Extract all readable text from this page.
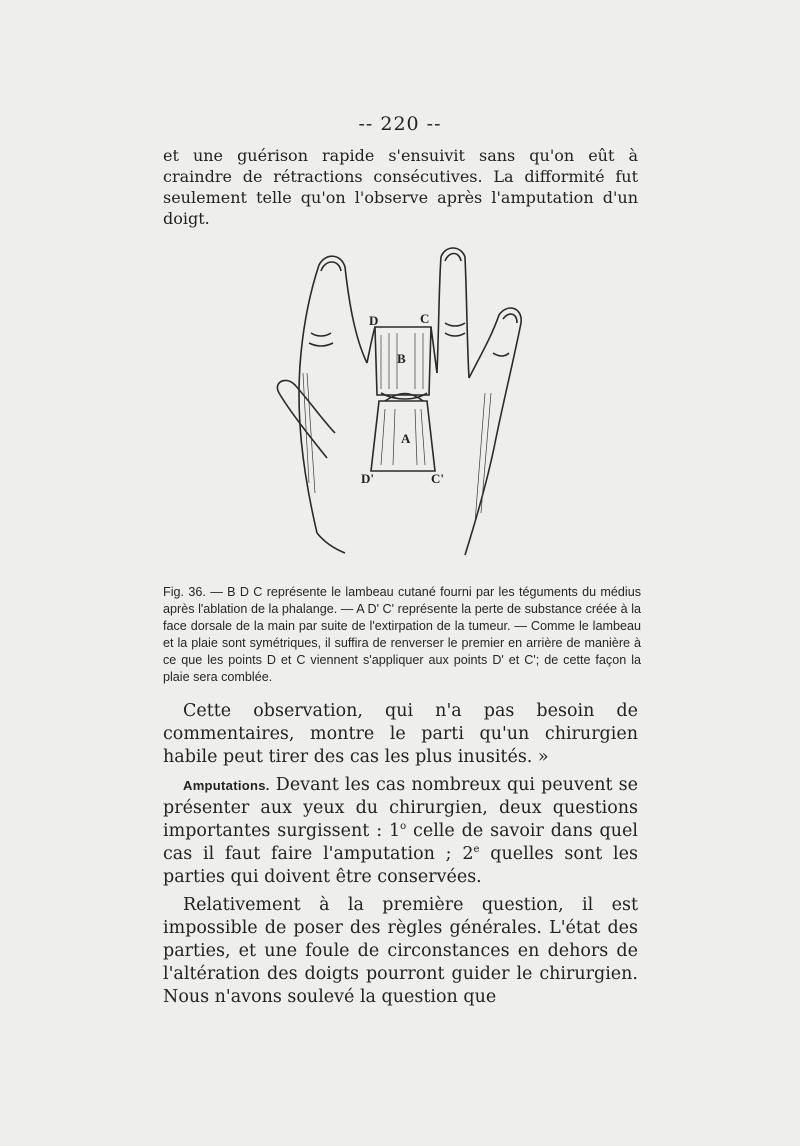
-- 220 --
et une guérison rapide s'ensuivit sans qu'on eût à craindre de rétractions consécutives. La difformité fut seulement telle qu'on l'observe après l'amputation d'un doigt.
D	C
B
A
D'	C'
Fig. 36. — B D C représente le lambeau cutané fourni par les téguments du médius après l'ablation de la phalange. — A D' C' représente la perte de substance créée à la face dorsale de la main par suite de l'extirpation de la tumeur. — Comme le lambeau et la plaie sont symétriques, il suffira de renverser le premier en arrière de manière à ce que les points D et C viennent s'appliquer aux points D' et C'; de cette façon la plaie sera comblée.

Cette observation, qui n'a pas besoin de commentaires, montre le parti qu'un chirurgien habile peut tirer des cas les plus inusités. »

Amputations. Devant les cas nombreux qui peuvent se présenter aux yeux du chirurgien, deux questions importantes surgissent : 1$^o$ celle de savoir dans quel cas il faut faire l'amputation ; 2e quelles sont les parties qui doivent être conservées.

Relativement à la première question, il est impossible de poser des règles générales. L'état des parties, et une foule de circonstances en dehors de l'altération des doigts pourront guider le chirurgien. Nous n'avons soulevé la question que
